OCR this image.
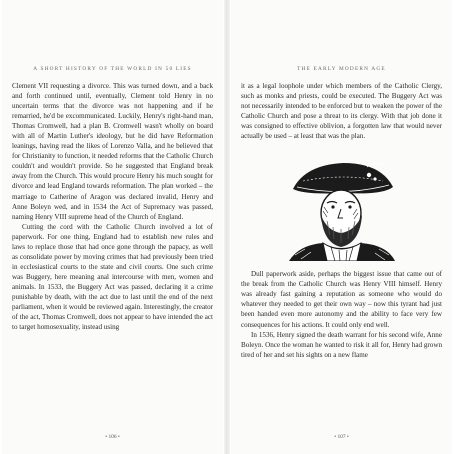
A SHORT HISTORY OF THE WORLD IN 50 LIES

Clement VII requesting a divorce. This was turned down, and a back and forth continued until, eventually, Clement told Henry in no uncertain terms that the divorce was not happening and if he remarried, he'd be excommunicated. Luckily, Henry's right-hand man, Thomas Cromwell, had a plan B. Cromwell wasn't wholly on board with all of Martin Luther's ideology, but he did have Reformation leanings, having read the likes of Lorenzo Valla, and he believed that for Christianity to function, it needed reforms that the Catholic Church couldn't and wouldn't provide. So he suggested that England break away from the Church. This would procure Henry his much sought for divorce and lead England towards reformation. The plan worked – the marriage to Catherine of Aragon was declared invalid, Henry and Anne Boleyn wed, and in 1534 the Act of Supremacy was passed, naming Henry VIII supreme head of the Church of England.

Cutting the cord with the Catholic Church involved a lot of paperwork. For one thing, England had to establish new rules and laws to replace those that had once gone through the papacy, as well as consolidate power by moving crimes that had previously been tried in ecclesiastical courts to the state and civil courts. One such crime was Buggery, here meaning anal intercourse with men, women and animals. In 1533, the Buggery Act was passed, declaring it a crime punishable by death, with the act due to last until the end of the next parliament, when it would be reviewed again. Interestingly, the creator of the act, Thomas Cromwell, does not appear to have intended the act to target homosexuality, instead using

• 106 •
THE EARLY MODERN AGE

it as a legal loophole under which members of the Catholic Clergy, such as monks and priests, could be executed. The Buggery Act was not necessarily intended to be enforced but to weaken the power of the Catholic Church and pose a threat to its clergy. With that job done it was consigned to effective oblivion, a forgotten law that would never actually be used – at least that was the plan.

Dull paperwork aside, perhaps the biggest issue that came out of the break from the Catholic Church was Henry VIII himself. Henry was already fast gaining a reputation as someone who would do whatever they needed to get their own way – now this tyrant had just been handed even more autonomy and the ability to face very few consequences for his actions. It could only end well.

In 1536, Henry signed the death warrant for his second wife, Anne Boleyn. Once the woman he wanted to risk it all for, Henry had grown tired of her and set his sights on a new flame

• 107 •
